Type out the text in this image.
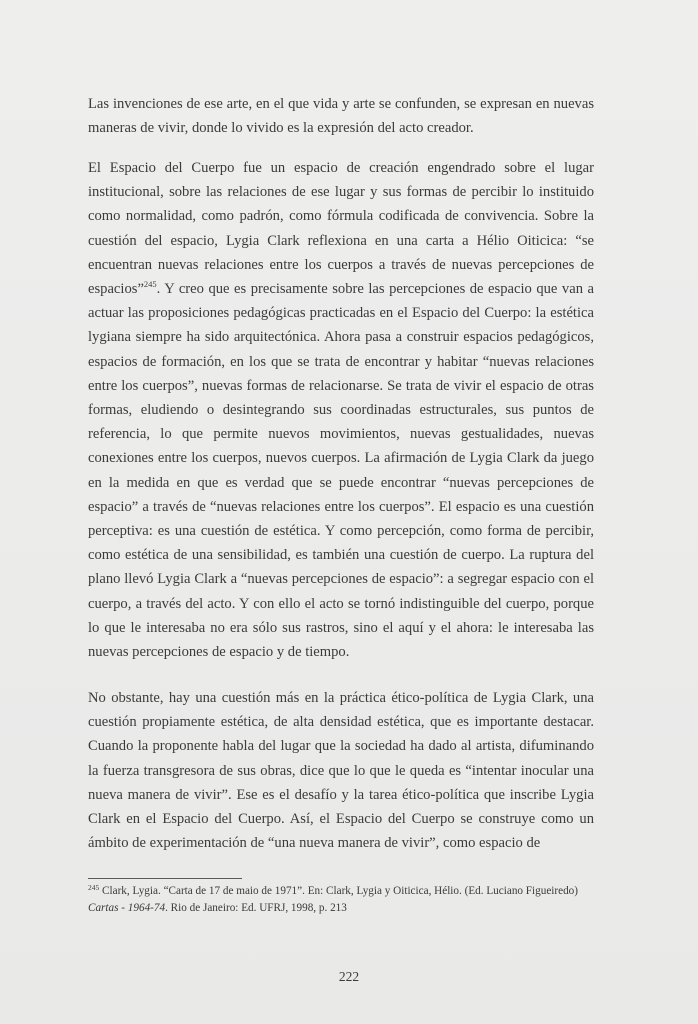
Las invenciones de ese arte, en el que vida y arte se confunden, se expresan en nuevas maneras de vivir, donde lo vivido es la expresión del acto creador.

El Espacio del Cuerpo fue un espacio de creación engendrado sobre el lugar institucional, sobre las relaciones de ese lugar y sus formas de percibir lo instituido como normalidad, como padrón, como fórmula codificada de convivencia. Sobre la cuestión del espacio, Lygia Clark reflexiona en una carta a Hélio Oiticica: “se encuentran nuevas relaciones entre los cuerpos a través de nuevas percepciones de espacios”$^{245}$. Y creo que es precisamente sobre las percepciones de espacio que van a actuar las proposiciones pedagógicas practicadas en el Espacio del Cuerpo: la estética lygiana siempre ha sido arquitectónica. Ahora pasa a construir espacios pedagógicos, espacios de formación, en los que se trata de encontrar y habitar “nuevas relaciones entre los cuerpos”, nuevas formas de relacionarse. Se trata de vivir el espacio de otras formas, eludiendo o desintegrando sus coordinadas estructurales, sus puntos de referencia, lo que permite nuevos movimientos, nuevas gestualidades, nuevas conexiones entre los cuerpos, nuevos cuerpos. La afirmación de Lygia Clark da juego en la medida en que es verdad que se puede encontrar “nuevas percepciones de espacio” a través de “nuevas relaciones entre los cuerpos”. El espacio es una cuestión perceptiva: es una cuestión de estética. Y como percepción, como forma de percibir, como estética de una sensibilidad, es también una cuestión de cuerpo. La ruptura del plano llevó Lygia Clark a “nuevas percepciones de espacio”: a segregar espacio con el cuerpo, a través del acto. Y con ello el acto se tornó indistinguible del cuerpo, porque lo que le interesaba no era sólo sus rastros, sino el aquí y el ahora: le interesaba las nuevas percepciones de espacio y de tiempo.

No obstante, hay una cuestión más en la práctica ético-política de Lygia Clark, una cuestión propiamente estética, de alta densidad estética, que es importante destacar. Cuando la proponente habla del lugar que la sociedad ha dado al artista, difuminando la fuerza transgresora de sus obras, dice que lo que le queda es “intentar inocular una nueva manera de vivir”. Ese es el desafío y la tarea ético-política que inscribe Lygia Clark en el Espacio del Cuerpo. Así, el Espacio del Cuerpo se construye como un ámbito de experimentación de “una nueva manera de vivir”, como espacio de

$^{245}$ Clark, Lygia. “Carta de 17 de maio de 1971”. En: Clark, Lygia y Oiticica, Hélio. (Ed. Luciano Figueiredo) Cartas - 1964-74. Rio de Janeiro: Ed. UFRJ, 1998, p. 213

222
